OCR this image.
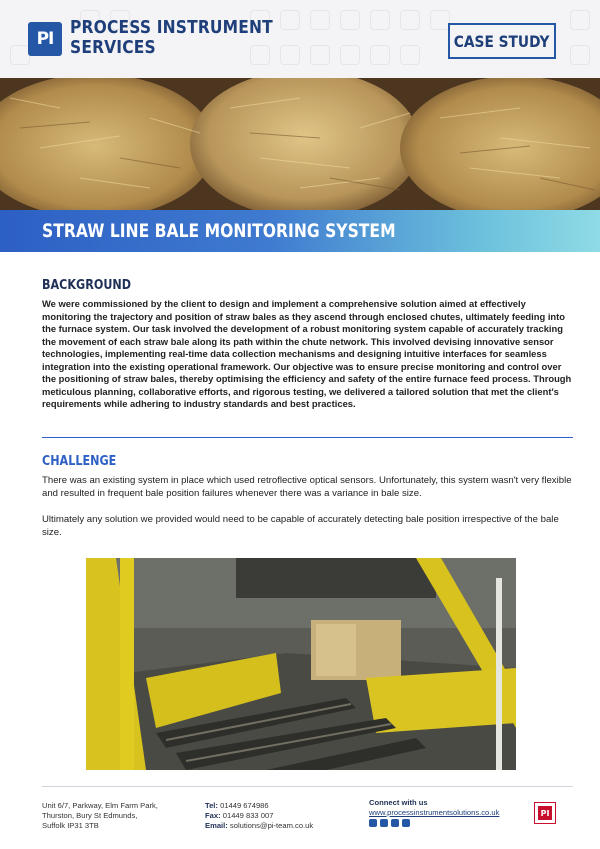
PI
PROCESS INSTRUMENT
SERVICES	CASE STUDY
STRAW LINE BALE MONITORING SYSTEM
BACKGROUND
We were commissioned by the client to design and implement a comprehensive solution aimed at effectively monitoring the trajectory and position of straw bales as they ascend through enclosed chutes, ultimately feeding into the furnace system. Our task involved the development of a robust monitoring system capable of accurately tracking the movement of each straw bale along its path within the chute network. This involved devising innovative sensor technologies, implementing real-time data collection mechanisms and designing intuitive interfaces for seamless integration into the existing operational framework. Our objective was to ensure precise monitoring and control over the positioning of straw bales, thereby optimising the efficiency and safety of the entire furnace feed process. Through meticulous planning, collaborative efforts, and rigorous testing, we delivered a tailored solution that met the client's requirements while adhering to industry standards and best practices.
CHALLENGE
There was an existing system in place which used retroflective optical sensors. Unfortunately, this system wasn't very flexible and resulted in frequent bale position failures whenever there was a variance in bale size.
Ultimately any solution we provided would need to be capable of accurately detecting bale position irrespective of the bale size.
Unit 6/7, Parkway, Elm Farm Park,
Thurston, Bury St Edmunds,
Suffolk IP31 3TB
Tel: 01449 674986
Fax: 01449 833 007
Email: solutions@pi-team.co.uk
Connect with us
www.processinstrumentsolutions.co.uk	PI
